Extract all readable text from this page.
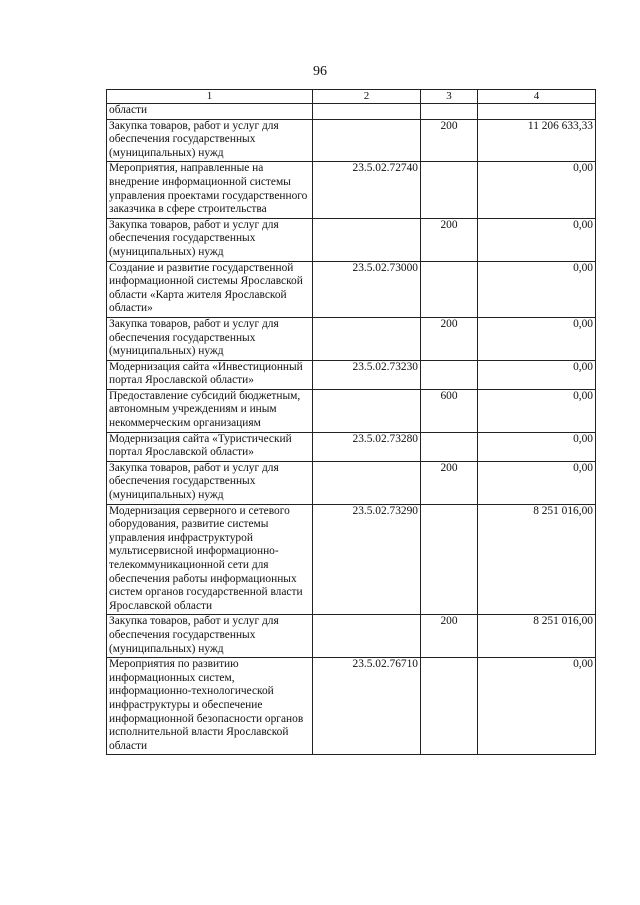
96
1	2	3	4
области			
Закупка товаров, работ и услуг для обеспечения государственных (муниципальных) нужд		200	11 206 633,33
Мероприятия, направленные на внедрение информационной системы управления проектами государственного заказчика в сфере строительства	23.5.02.72740		0,00
Закупка товаров, работ и услуг для обеспечения государственных (муниципальных) нужд		200	0,00
Создание и развитие государственной информационной системы Ярославской области «Карта жителя Ярославской области»	23.5.02.73000		0,00
Закупка товаров, работ и услуг для обеспечения государственных (муниципальных) нужд		200	0,00
Модернизация сайта «Инвестиционный портал Ярославской области»	23.5.02.73230		0,00
Предоставление субсидий бюджетным, автономным учреждениям и иным некоммерческим организациям		600	0,00
Модернизация сайта «Туристический портал Ярославской области»	23.5.02.73280		0,00
Закупка товаров, работ и услуг для обеспечения государственных (муниципальных) нужд		200	0,00
Модернизация серверного и сетевого оборудования, развитие системы управления инфраструктурой мультисервисной информационно-телекоммуникационной сети для обеспечения работы информационных систем органов государственной власти Ярославской области	23.5.02.73290		8 251 016,00
Закупка товаров, работ и услуг для обеспечения государственных (муниципальных) нужд		200	8 251 016,00
Мероприятия по развитию информационных систем, информационно-технологической инфраструктуры и обеспечение информационной безопасности органов исполнительной власти Ярославской области	23.5.02.76710		0,00
